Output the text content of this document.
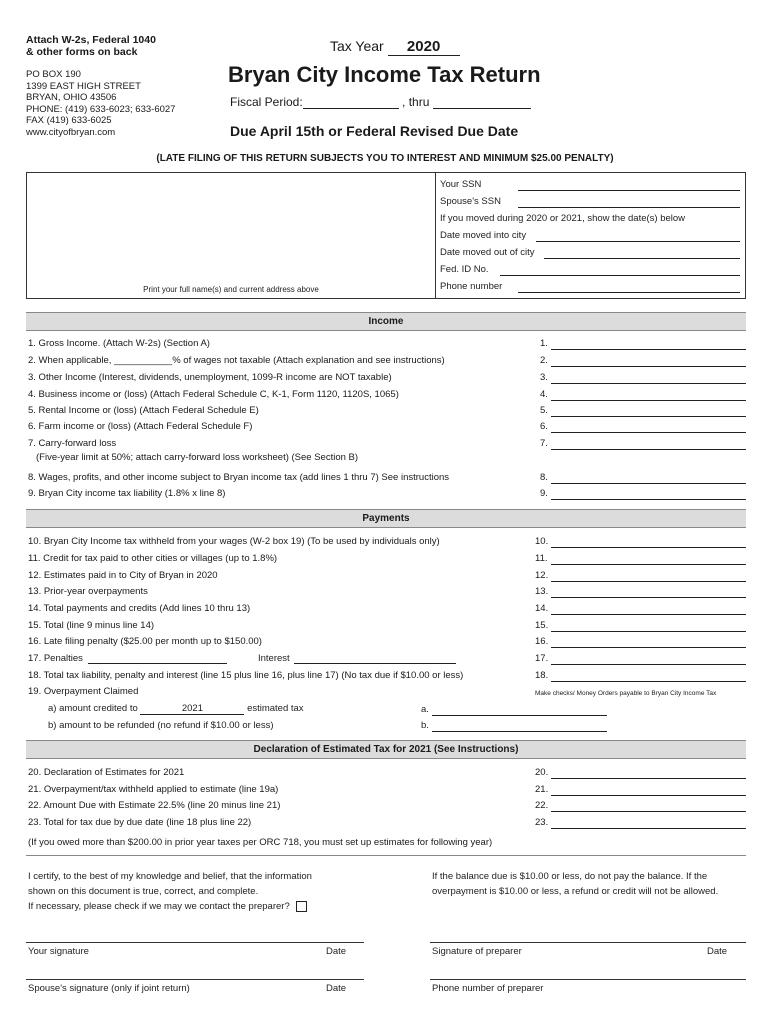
Attach W-2s, Federal 1040
& other forms on back
PO BOX 190
1399 EAST HIGH STREET
BRYAN, OHIO 43506
PHONE: (419) 633-6023; 633-6027
FAX (419) 633-6025
www.cityofbryan.com
Tax Year 2020
Bryan City Income Tax Return
Fiscal Period:	, thru
Due April 15th or Federal Revised Due Date
(LATE FILING OF THIS RETURN SUBJECTS YOU TO INTEREST AND MINIMUM $25.00 PENALTY)
Print your full name(s) and current address above
Your SSN
Spouse's SSN
If you moved during 2020 or 2021, show the date(s) below
Date moved into city
Date moved out of city
Fed. ID No.
Phone number
Income
1. Gross Income. (Attach W-2s) (Section A)	1.
2. When applicable, ___________% of wages not taxable (Attach explanation and see instructions)	2.
3. Other Income (Interest, dividends, unemployment, 1099-R income are NOT taxable)	3.
4. Business income or (loss) (Attach Federal Schedule C, K-1, Form 1120, 1120S, 1065)	4.
5. Rental Income or (loss) (Attach Federal Schedule E)	5.
6. Farm income or (loss) (Attach Federal Schedule F)	6.
7. Carry-forward loss
(Five-year limit at 50%; attach carry-forward loss worksheet) (See Section B)
7.
8. Wages, profits, and other income subject to Bryan income tax (add lines 1 thru 7) See instructions	8.
9. Bryan City income tax liability (1.8% x line 8)	9.
Payments
10. Bryan City Income tax withheld from your wages (W-2 box 19) (To be used by individuals only)	10.
11. Credit for tax paid to other cities or villages (up to 1.8%)	11.
12. Estimates paid in to City of Bryan in 2020	12.
13. Prior-year overpayments	13.
14. Total payments and credits (Add lines 10 thru 13)	14.
15. Total (line 9 minus line 14)	15.
16. Late filing penalty ($25.00 per month up to $150.00)	16.
17. Penalties	Interest	17.
18. Total tax liability, penalty and interest (line 15 plus line 16, plus line 17) (No tax due if $10.00 or less)	18.
19. Overpayment Claimed	Make checks/ Money Orders payable to Bryan City Income Tax
a) amount credited to	2021	estimated tax	a.
b) amount to be refunded (no refund if $10.00 or less)	b.
Declaration of Estimated Tax for 2021 (See Instructions)
20. Declaration of Estimates for 2021	20.
21. Overpayment/tax withheld applied to estimate (line 19a)	21.
22. Amount Due with Estimate 22.5% (line 20 minus line 21)	22.
23. Total for tax due by due date (line 18 plus line 22)	23.
(If you owed more than $200.00 in prior year taxes per ORC 718, you must set up estimates for following year)
I certify, to the best of my knowledge and belief, that the information
shown on this document is true, correct, and complete.
If necessary, please check if we may we contact the preparer?
If the balance due is $10.00 or less, do not pay the balance. If the
overpayment is $10.00 or less, a refund or credit will not be allowed.
Your signature	Date	Signature of preparer	Date
Spouse's signature (only if joint return)	Date	Phone number of preparer
